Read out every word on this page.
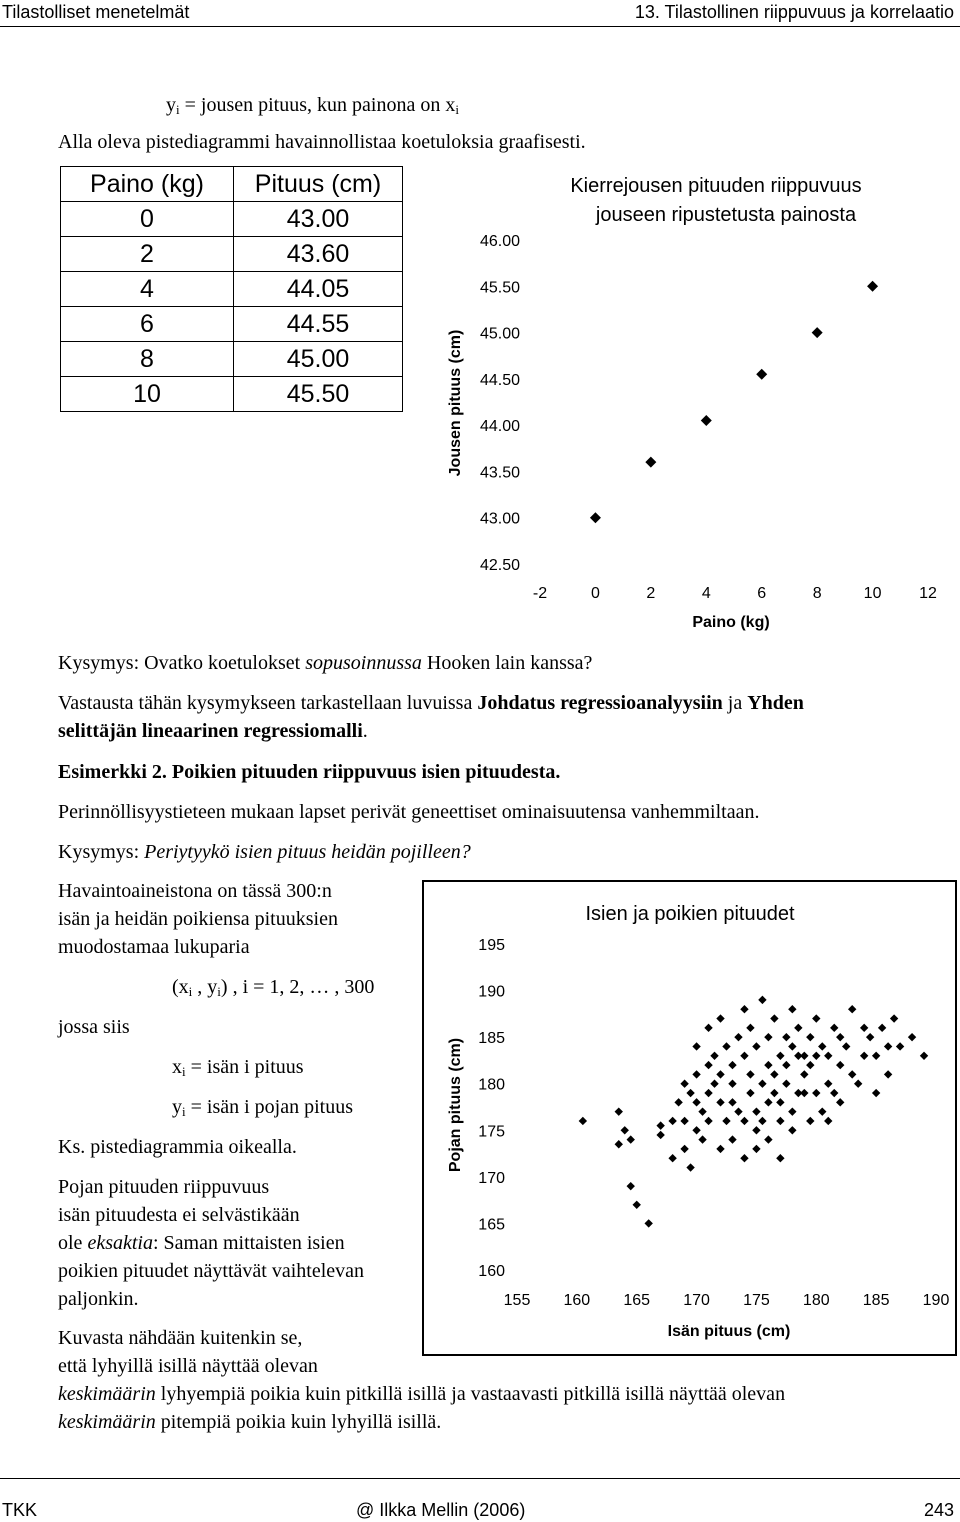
Tilastolliset menetelmät	13. Tilastollinen riippuvuus ja korrelaatio
$y_i$ = jousen pituus, kun painona on $x_i$
Alla oleva pistediagrammi havainnollistaa koetuloksia graafisesti.
Paino (kg)	Pituus (cm)
0	43.00
2	43.60
4	44.05
6	44.55
8	45.00
10	45.50
Kierrejousen pituuden riippuvuus
jouseen ripustetusta painosta
Jousen pituus (cm)
Paino (kg)
42.50
43.00
43.50
44.00
44.50
45.00
45.50
46.00
-2	0	2	4	6	8	10 12
Kysymys: Ovatko koetulokset sopusoinnussa Hooken lain kanssa?
Vastausta tähän kysymykseen tarkastellaan luvuissa Johdatus regressioanalyysiin ja Yhden
selittäjän lineaarinen regressiomalli.
Esimerkki 2. Poikien pituuden riippuvuus isien pituudesta.
Perinnöllisyystieteen mukaan lapset perivät geneettiset ominaisuutensa vanhemmiltaan.
Kysymys: Periytyykö isien pituus heidän pojilleen?
Havaintoaineistona on tässä 300:n
isän ja heidän poikiensa pituuksien
muodostamaa lukuparia
($x_i$ , $y_i$) , i = 1, 2, … , 300
jossa siis
$x_i$ = isän i pituus
$y_i$ = isän i pojan pituus
Ks. pistediagrammia oikealla.
Pojan pituuden riippuvuus
isän pituudesta ei selvästikään
ole eksaktia: Saman mittaisten isien
poikien pituudet näyttävät vaihtelevan
paljonkin.
Isien ja poikien pituudet
Pojan pituus (cm)
Isän pituus (cm)
160
165
170
175
180
185
190
195
155 160 165 170 175 180 185 190
Kuvasta nähdään kuitenkin se,
että lyhyillä isillä näyttää olevan
keskimäärin lyhyempiä poikia kuin pitkillä isillä ja vastaavasti pitkillä isillä näyttää olevan
keskimäärin pitempiä poikia kuin lyhyillä isillä.
TKK	@ Ilkka Mellin (2006)	243
